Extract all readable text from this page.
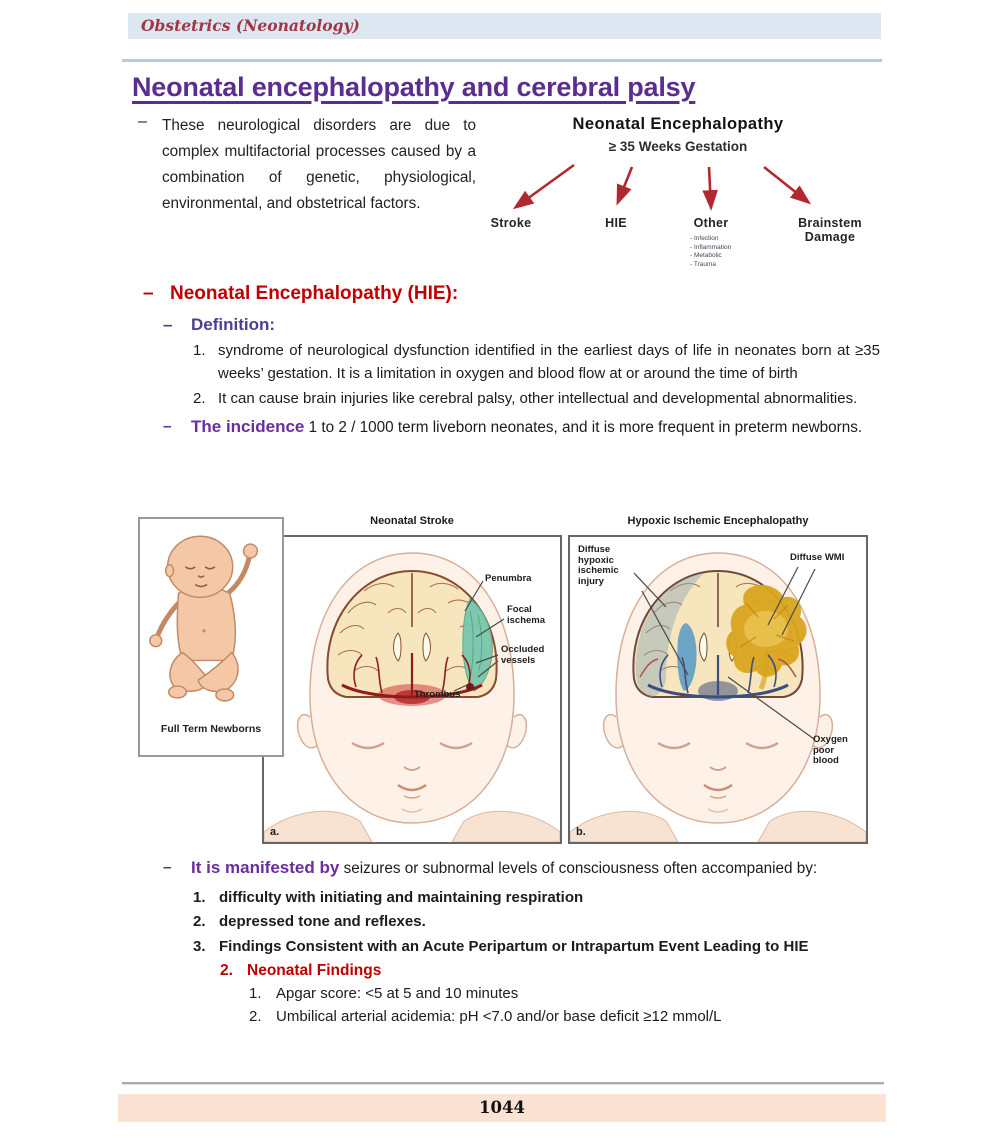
Obstetrics (Neonatology)
Neonatal encephalopathy and cerebral palsy
– These neurological disorders are due to complex multifactorial processes caused by a combination of genetic, physiological, environmental, and obstetrical factors.
Neonatal Encephalopathy
≥ 35 Weeks Gestation
Stroke	HIE	Other	Brainstem Damage
- Infection
- Inflammation
- Metabolic
- Trauma
– Neonatal Encephalopathy (HIE):
–	Definition:
1. syndrome of neurological dysfunction identified in the earliest days of life in neonates born at ≥35 weeks’ gestation. It is a limitation in oxygen and blood flow at or around the time of birth
2. It can cause brain injuries like cerebral palsy, other intellectual and developmental abnormalities.
–	The incidence 1 to 2 / 1000 term liveborn neonates, and it is more frequent in preterm newborns.
Full Term Newborns
Neonatal Stroke
Penumbra
Focal ischema
Occluded vessels
Thrombus
a.
Hypoxic Ischemic Encephalopathy
Diffuse hypoxic ischemic injury
Diffuse WMI
Oxygen poor blood
b.
–	It is manifested by seizures or subnormal levels of consciousness often accompanied by:
1. difficulty with initiating and maintaining respiration
2. depressed tone and reflexes.
3. Findings Consistent with an Acute Peripartum or Intrapartum Event Leading to HIE
2. Neonatal Findings
1. Apgar score: <5 at 5 and 10 minutes
2. Umbilical arterial acidemia: pH <7.0 and/or base deficit ≥12 mmol/L
1044
